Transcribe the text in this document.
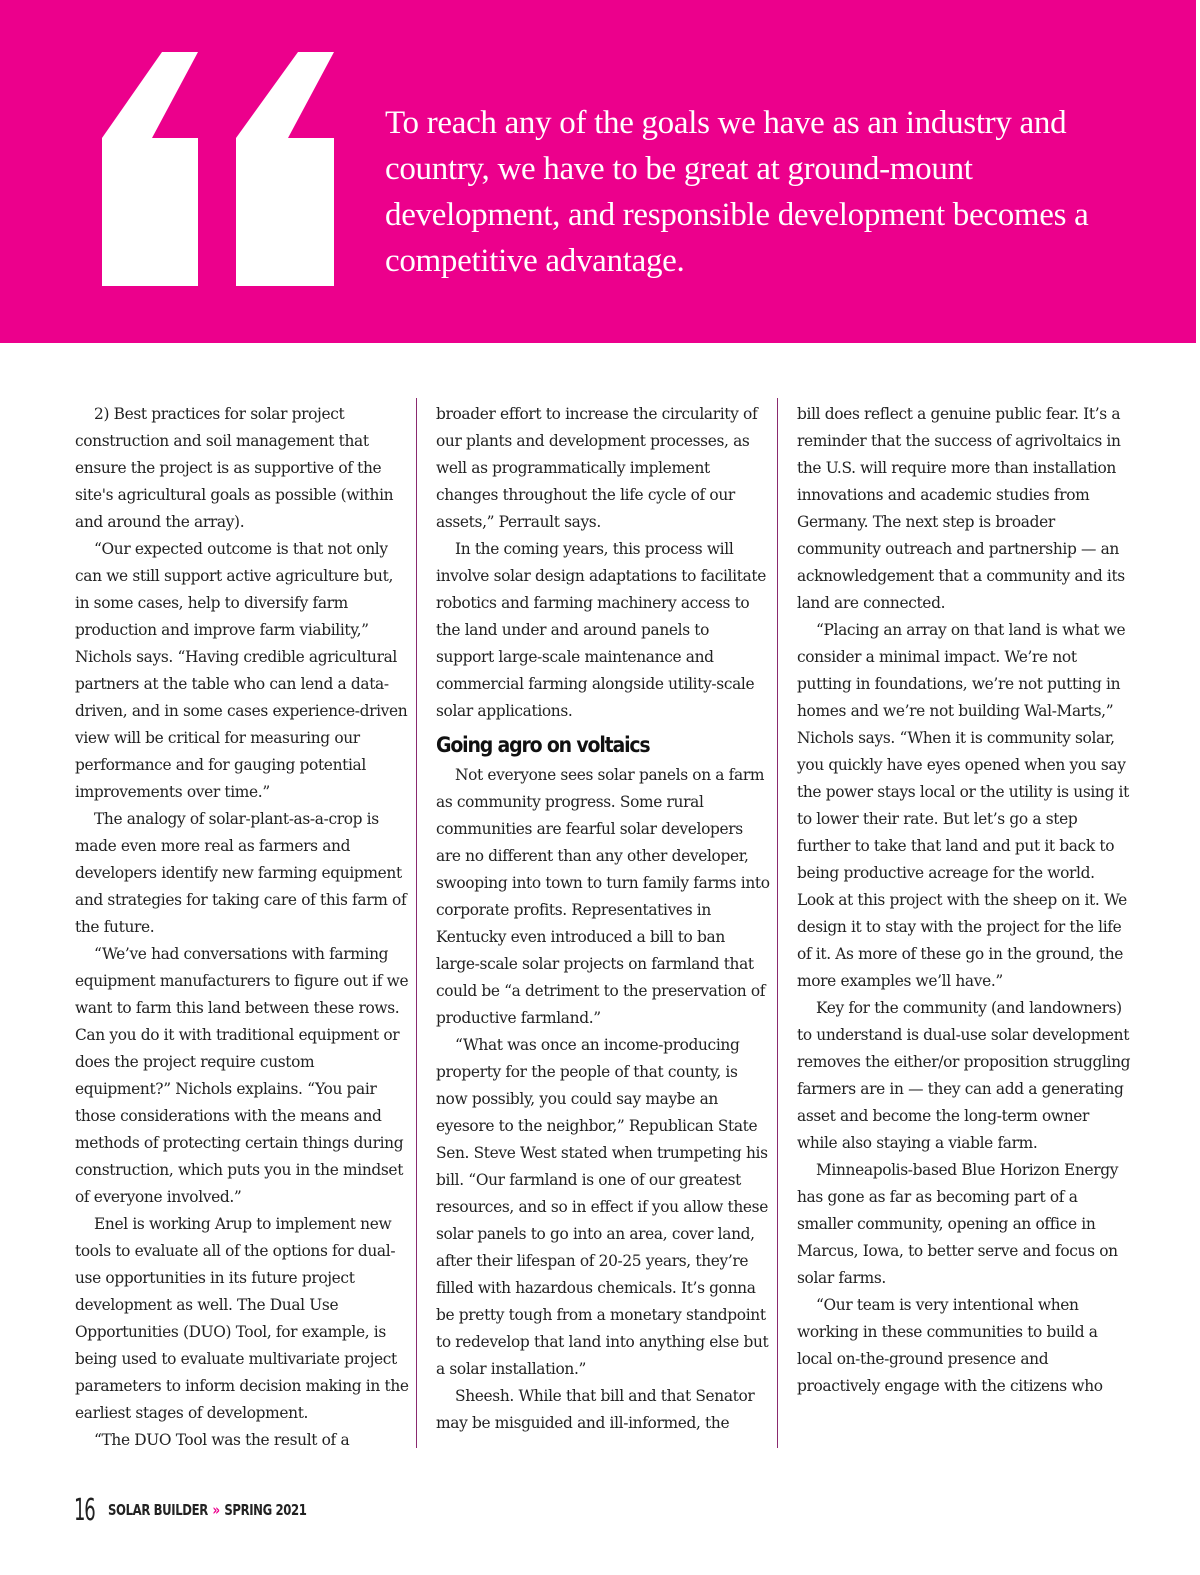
To reach any of the goals we have as an industry and country, we have to be great at ground-mount development, and responsible development becomes a competitive advantage.

2) Best practices for solar project construction and soil management that ensure the project is as supportive of the site's agricultural goals as possible (within and around the array).

“Our expected outcome is that not only can we still support active agriculture but, in some cases, help to diversify farm production and improve farm viability,” Nichols says. “Having credible agricultural partners at the table who can lend a data-driven, and in some cases experience-driven view will be critical for measuring our performance and for gauging potential improvements over time.”

The analogy of solar-plant-as-a-crop is made even more real as farmers and developers identify new farming equipment and strategies for taking care of this farm of the future.

“We’ve had conversations with farming equipment manufacturers to figure out if we want to farm this land between these rows. Can you do it with traditional equipment or does the project require custom equipment?” Nichols explains. “You pair those considerations with the means and methods of protecting certain things during construction, which puts you in the mindset of everyone involved.”

Enel is working Arup to implement new tools to evaluate all of the options for dual-use opportunities in its future project development as well. The Dual Use Opportunities (DUO) Tool, for example, is being used to evaluate multivariate project parameters to inform decision making in the earliest stages of development.

“The DUO Tool was the result of a

broader effort to increase the circularity of our plants and development processes, as well as programmatically implement changes throughout the life cycle of our assets,” Perrault says.

In the coming years, this process will involve solar design adaptations to facilitate robotics and farming machinery access to the land under and around panels to support large-scale maintenance and commercial farming alongside utility-scale solar applications.

Going agro on voltaics

Not everyone sees solar panels on a farm as community progress. Some rural communities are fearful solar developers are no different than any other developer, swooping into town to turn family farms into corporate profits. Representatives in Kentucky even introduced a bill to ban large-scale solar projects on farmland that could be “a detriment to the preservation of productive farmland.”

“What was once an income-producing property for the people of that county, is now possibly, you could say maybe an eyesore to the neighbor,” Republican State Sen. Steve West stated when trumpeting his bill. “Our farmland is one of our greatest resources, and so in effect if you allow these solar panels to go into an area, cover land, after their lifespan of 20-25 years, they’re filled with hazardous chemicals. It’s gonna be pretty tough from a monetary standpoint to redevelop that land into anything else but a solar installation.”

Sheesh. While that bill and that Senator may be misguided and ill-informed, the

bill does reflect a genuine public fear. It’s a reminder that the success of agrivoltaics in the U.S. will require more than installation innovations and academic studies from Germany. The next step is broader community outreach and partnership — an acknowledgement that a community and its land are connected.

“Placing an array on that land is what we consider a minimal impact. We’re not putting in foundations, we’re not putting in homes and we’re not building Wal-Marts,” Nichols says. “When it is community solar, you quickly have eyes opened when you say the power stays local or the utility is using it to lower their rate. But let’s go a step further to take that land and put it back to being productive acreage for the world. Look at this project with the sheep on it. We design it to stay with the project for the life of it. As more of these go in the ground, the more examples we’ll have.”

Key for the community (and landowners) to understand is dual-use solar development removes the either/or proposition struggling farmers are in — they can add a generating asset and become the long-term owner while also staying a viable farm.

Minneapolis-based Blue Horizon Energy has gone as far as becoming part of a smaller community, opening an office in Marcus, Iowa, to better serve and focus on solar farms.

“Our team is very intentional when working in these communities to build a local on-the-ground presence and proactively engage with the citizens who

16 SOLAR BUILDER » SPRING 2021
